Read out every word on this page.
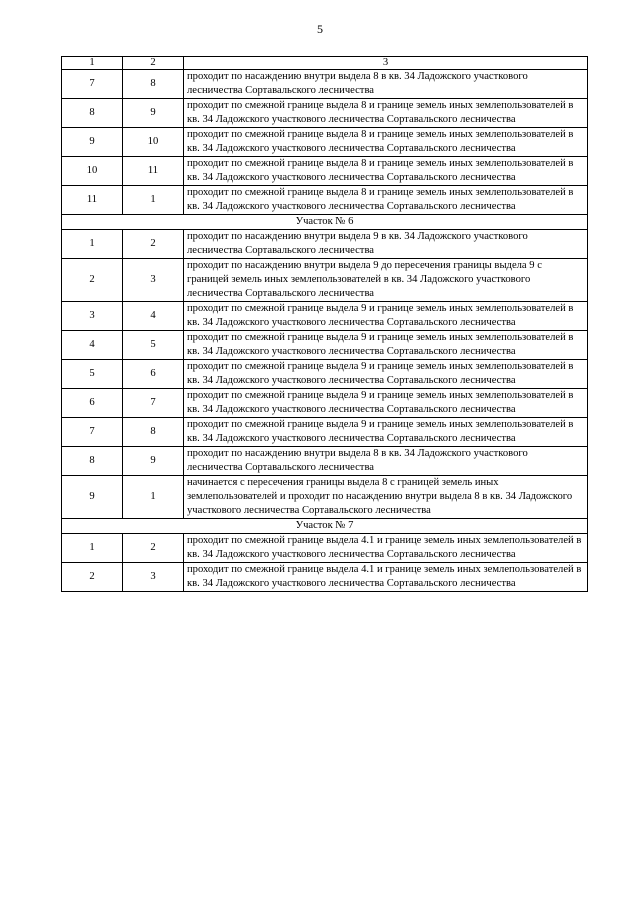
5
1	2	3
7	8	проходит по насаждению внутри выдела 8 в кв. 34 Ладожского участкового лесничества Сортавальского лесничества
8	9	проходит по смежной границе выдела 8 и границе земель иных землепользователей в кв. 34 Ладожского участкового лесничества Сортавальского лесничества
9	10	проходит по смежной границе выдела 8 и границе земель иных землепользователей в кв. 34 Ладожского участкового лесничества Сортавальского лесничества
10	11	проходит по смежной границе выдела 8 и границе земель иных землепользователей в кв. 34 Ладожского участкового лесничества Сортавальского лесничества
11	1	проходит по смежной границе выдела 8 и границе земель иных землепользователей в кв. 34 Ладожского участкового лесничества Сортавальского лесничества
Участок № 6		
1	2	проходит по насаждению внутри выдела 9 в кв. 34 Ладожского участкового лесничества Сортавальского лесничества
2	3	проходит по насаждению внутри выдела 9 до пересечения границы выдела 9 с границей земель иных землепользователей в кв. 34 Ладожского участкового лесничества Сортавальского лесничества
3	4	проходит по смежной границе выдела 9 и границе земель иных землепользователей в кв. 34 Ладожского участкового лесничества Сортавальского лесничества
4	5	проходит по смежной границе выдела 9 и границе земель иных землепользователей в кв. 34 Ладожского участкового лесничества Сортавальского лесничества
5	6	проходит по смежной границе выдела 9 и границе земель иных землепользователей в кв. 34 Ладожского участкового лесничества Сортавальского лесничества
6	7	проходит по смежной границе выдела 9 и границе земель иных землепользователей в кв. 34 Ладожского участкового лесничества Сортавальского лесничества
7	8	проходит по смежной границе выдела 9 и границе земель иных землепользователей в кв. 34 Ладожского участкового лесничества Сортавальского лесничества
8	9	проходит по насаждению внутри выдела 8 в кв. 34 Ладожского участкового лесничества Сортавальского лесничества
9	1	начинается с пересечения границы выдела 8 с границей земель иных землепользователей и проходит по насаждению внутри выдела 8 в кв. 34 Ладожского участкового лесничества Сортавальского лесничества
Участок № 7		
1	2	проходит по смежной границе выдела 4.1 и границе земель иных землепользователей в кв. 34 Ладожского участкового лесничества Сортавальского лесничества
2	3	проходит по смежной границе выдела 4.1 и границе земель иных землепользователей в кв. 34 Ладожского участкового лесничества Сортавальского лесничества
